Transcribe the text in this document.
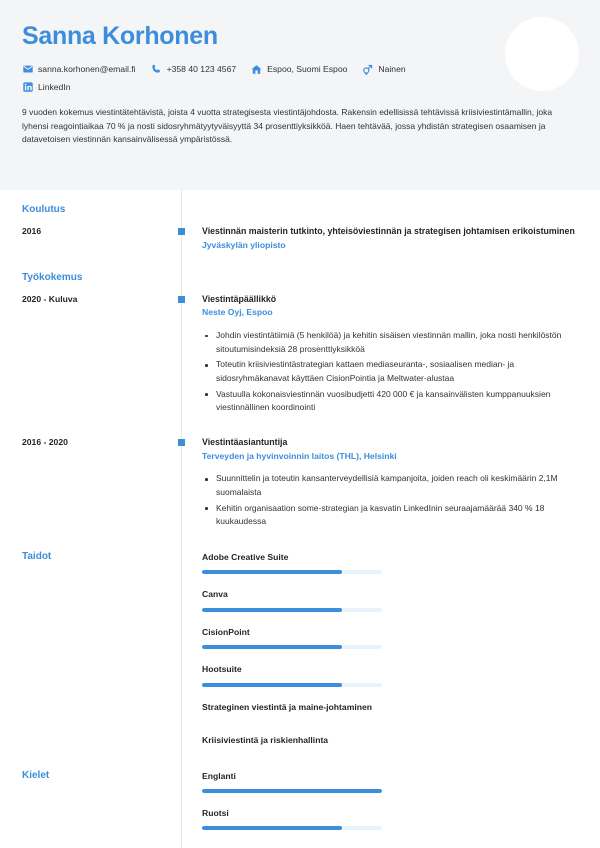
Sanna Korhonen
sanna.korhonen@email.fi	+358 40 123 4567	Espoo, Suomi Espoo	Nainen
LinkedIn
9 vuoden kokemus viestintätehtävistä, joista 4 vuotta strategisesta viestintäjohdosta. Rakensin edellisissä tehtävissä kriisiviestintämallin, joka lyhensi reagointiaikaa 70 % ja nosti sidosryhmätyytyväisyyttä 34 prosenttiyksikköä. Haen tehtävää, jossa yhdistän strategisen osaamisen ja datavetoisen viestinnän kansainvälisessä ympäristössä.
Koulutus
2016	Viestinnän maisterin tutkinto, yhteisöviestinnän ja strategisen johtamisen erikoistuminen
Jyväskylän yliopisto
Työkokemus
2020 - Kuluva	Viestintäpäällikkö
Neste Oyj, Espoo
Johdin viestintätiimiä (5 henkilöä) ja kehitin sisäisen viestinnän mallin, joka nosti henkilöstön sitoutumisindeksiä 28 prosenttiyksikköä
Toteutin kriisiviestintästrategian kattaen mediaseuranta-, sosiaalisen median- ja sidosryhmäkanavat käyttäen CisionPointia ja Meltwater-alustaa
Vastuulla kokonaisviestinnän vuosibudjetti 420 000 € ja kansainvälisten kumppanuuksien viestinnällinen koordinointi
2016 - 2020	Viestintäasiantuntija
Terveyden ja hyvinvoinnin laitos (THL), Helsinki
Suunnittelin ja toteutin kansanterveydellisiä kampanjoita, joiden reach oli keskimäärin 2,1M suomalaista
Kehitin organisaation some-strategian ja kasvatin LinkedInin seuraajamäärää 340 % 18 kuukaudessa
Taidot	Adobe Creative Suite
Canva
CisionPoint
Hootsuite
Strateginen viestintä ja maine-johtaminen
Kriisiviestintä ja riskienhallinta
Kielet	Englanti
Ruotsi
